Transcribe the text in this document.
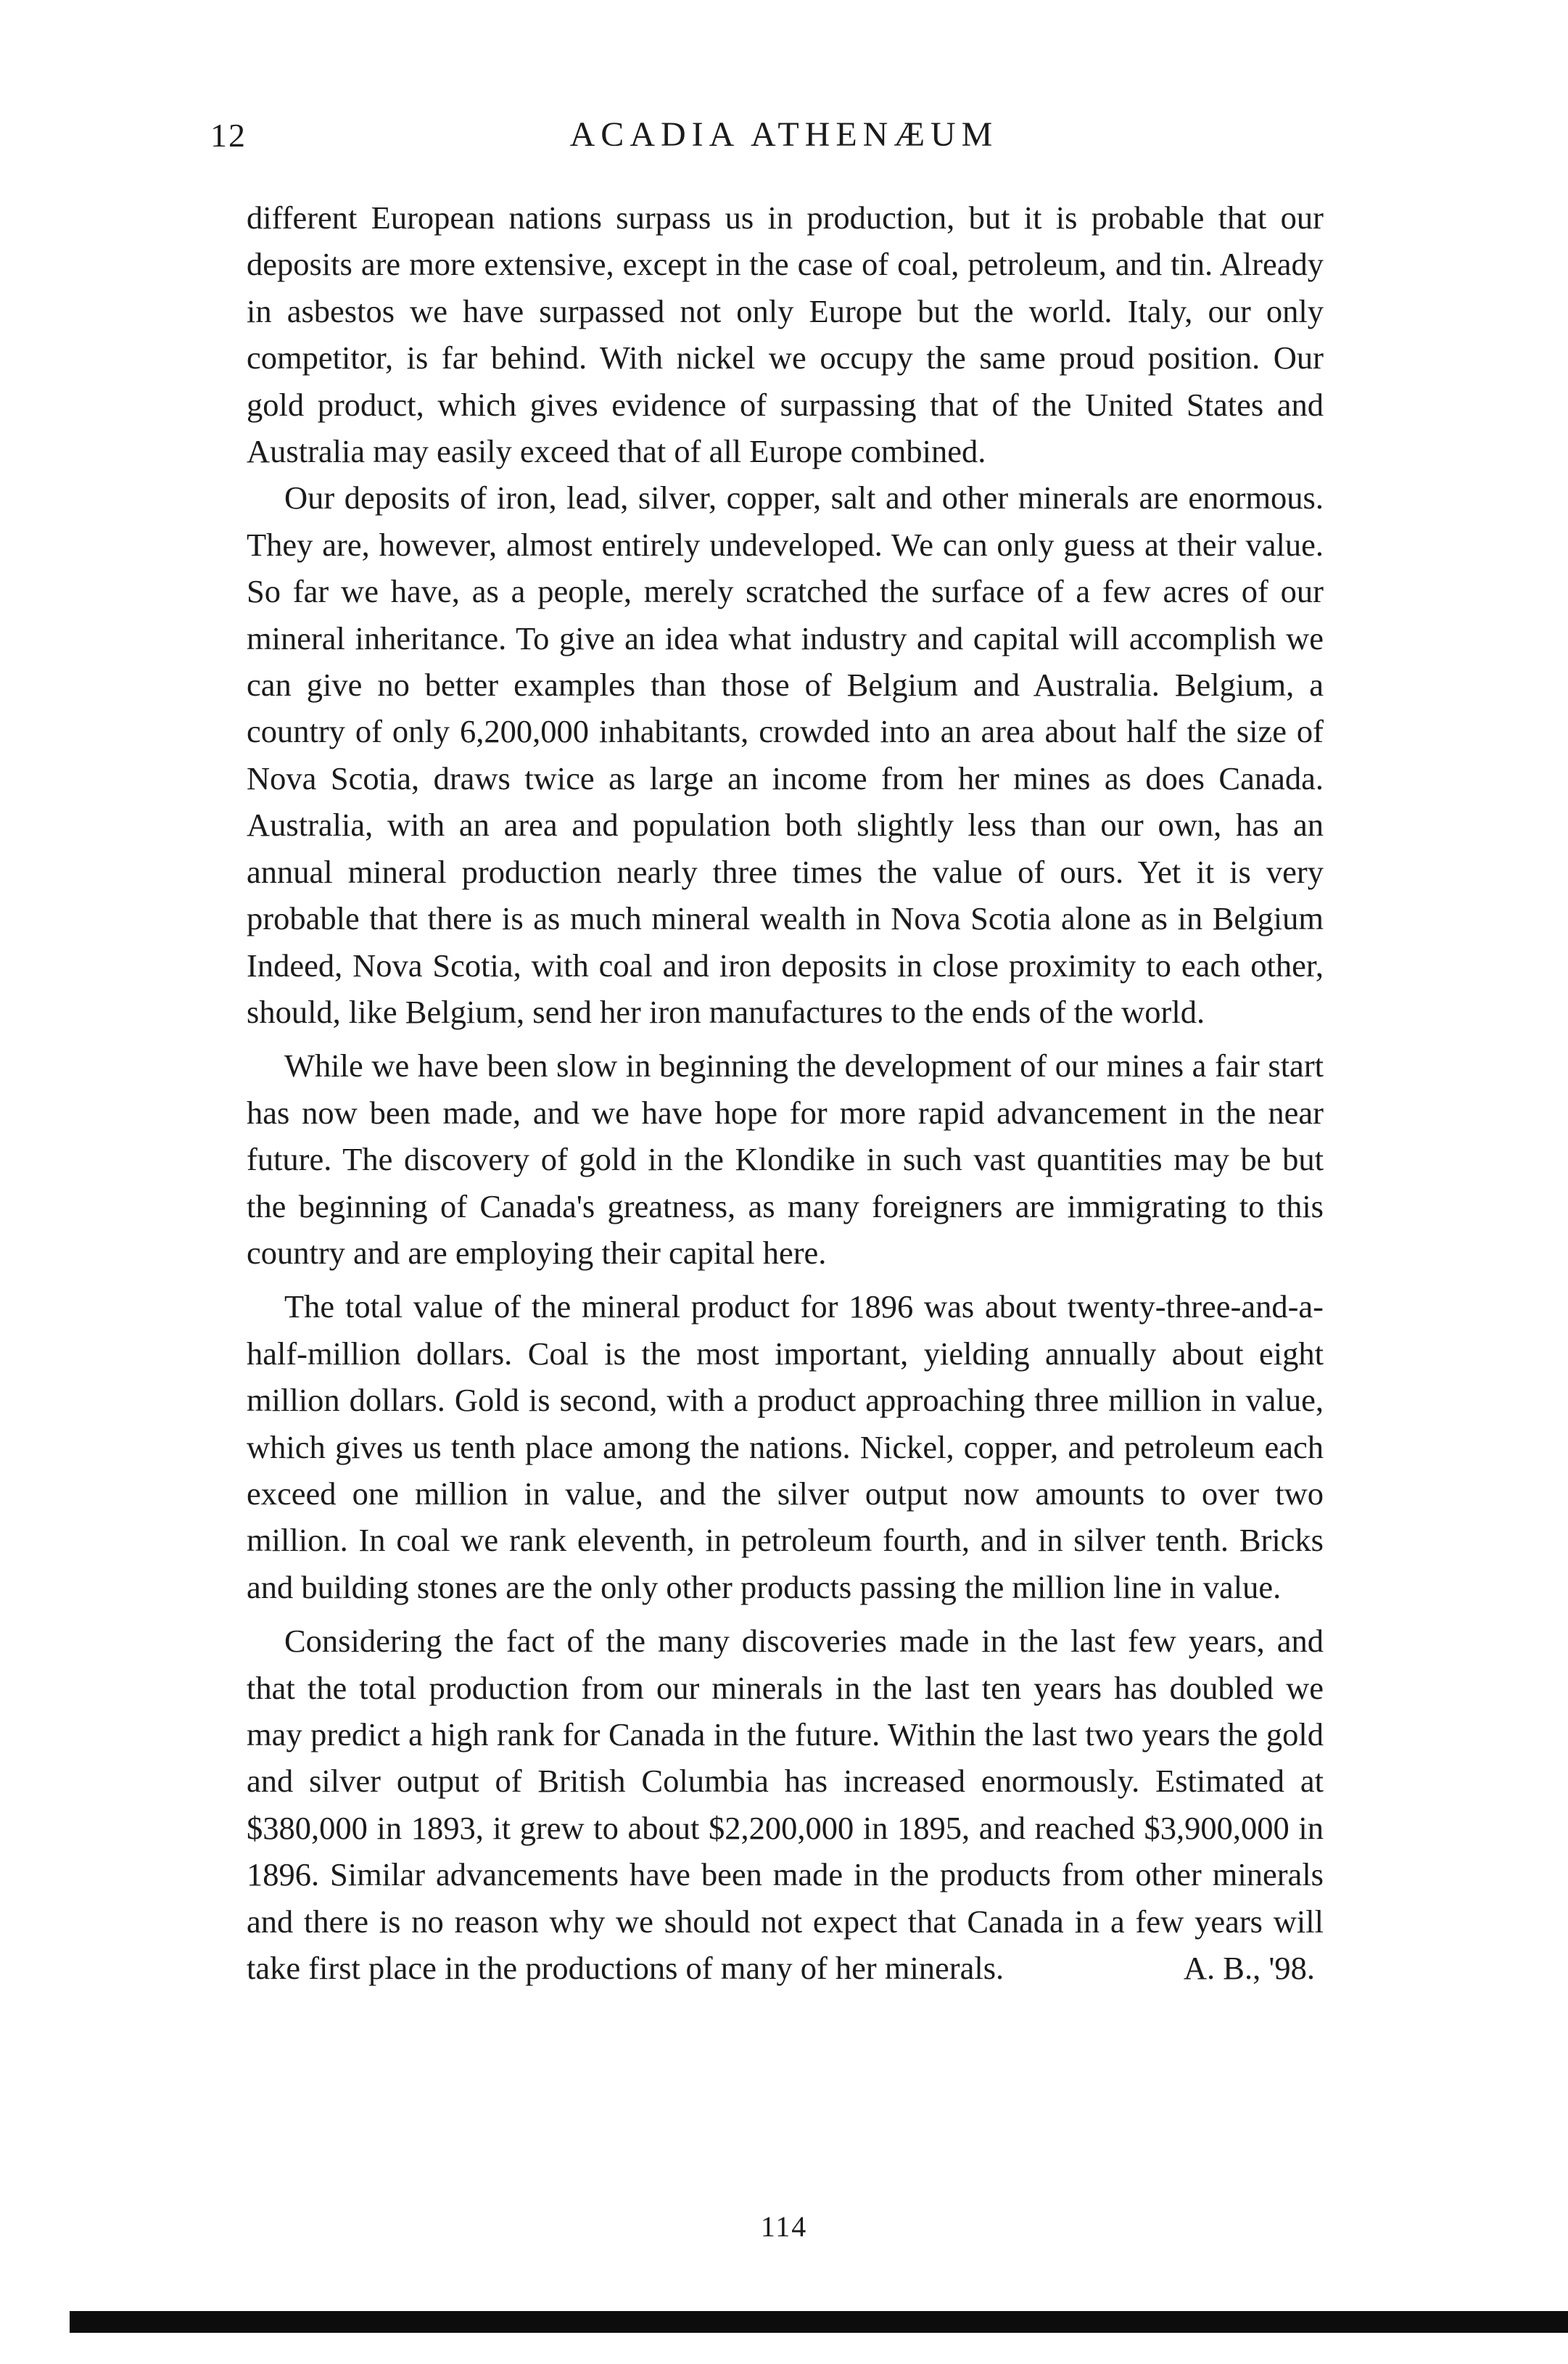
12	ACADIA ATHENÆUM

different European nations surpass us in production, but it is probable that our deposits are more extensive, except in the case of coal, petroleum, and tin. Already in asbestos we have surpassed not only Europe but the world. Italy, our only competitor, is far behind. With nickel we occupy the same proud position. Our gold product, which gives evidence of surpassing that of the United States and Australia may easily exceed that of all Europe combined.

Our deposits of iron, lead, silver, copper, salt and other minerals are enormous. They are, however, almost entirely undeveloped. We can only guess at their value. So far we have, as a people, merely scratched the surface of a few acres of our mineral inheritance. To give an idea what industry and capital will accomplish we can give no better examples than those of Belgium and Australia. Belgium, a country of only 6,200,000 inhabitants, crowded into an area about half the size of Nova Scotia, draws twice as large an income from her mines as does Canada. Australia, with an area and population both slightly less than our own, has an annual mineral production nearly three times the value of ours. Yet it is very probable that there is as much mineral wealth in Nova Scotia alone as in Belgium Indeed, Nova Scotia, with coal and iron deposits in close proximity to each other, should, like Belgium, send her iron manufactures to the ends of the world.

While we have been slow in beginning the development of our mines a fair start has now been made, and we have hope for more rapid advancement in the near future. The discovery of gold in the Klondike in such vast quantities may be but the beginning of Canada's greatness, as many foreigners are immigrating to this country and are employing their capital here.

The total value of the mineral product for 1896 was about twenty-three-and-a-half-million dollars. Coal is the most important, yielding annually about eight million dollars. Gold is second, with a product approaching three million in value, which gives us tenth place among the nations. Nickel, copper, and petroleum each exceed one million in value, and the silver output now amounts to over two million. In coal we rank eleventh, in petroleum fourth, and in silver tenth. Bricks and building stones are the only other products passing the million line in value.

Considering the fact of the many discoveries made in the last few years, and that the total production from our minerals in the last ten years has doubled we may predict a high rank for Canada in the future. Within the last two years the gold and silver output of British Columbia has increased enormously. Estimated at $380,000 in 1893, it grew to about $2,200,000 in 1895, and reached $3,900,000 in 1896. Similar advancements have been made in the products from other minerals and there is no reason why we should not expect that Canada in a few years will take first place in the productions of many of her minerals.	A. B., '98.

114
